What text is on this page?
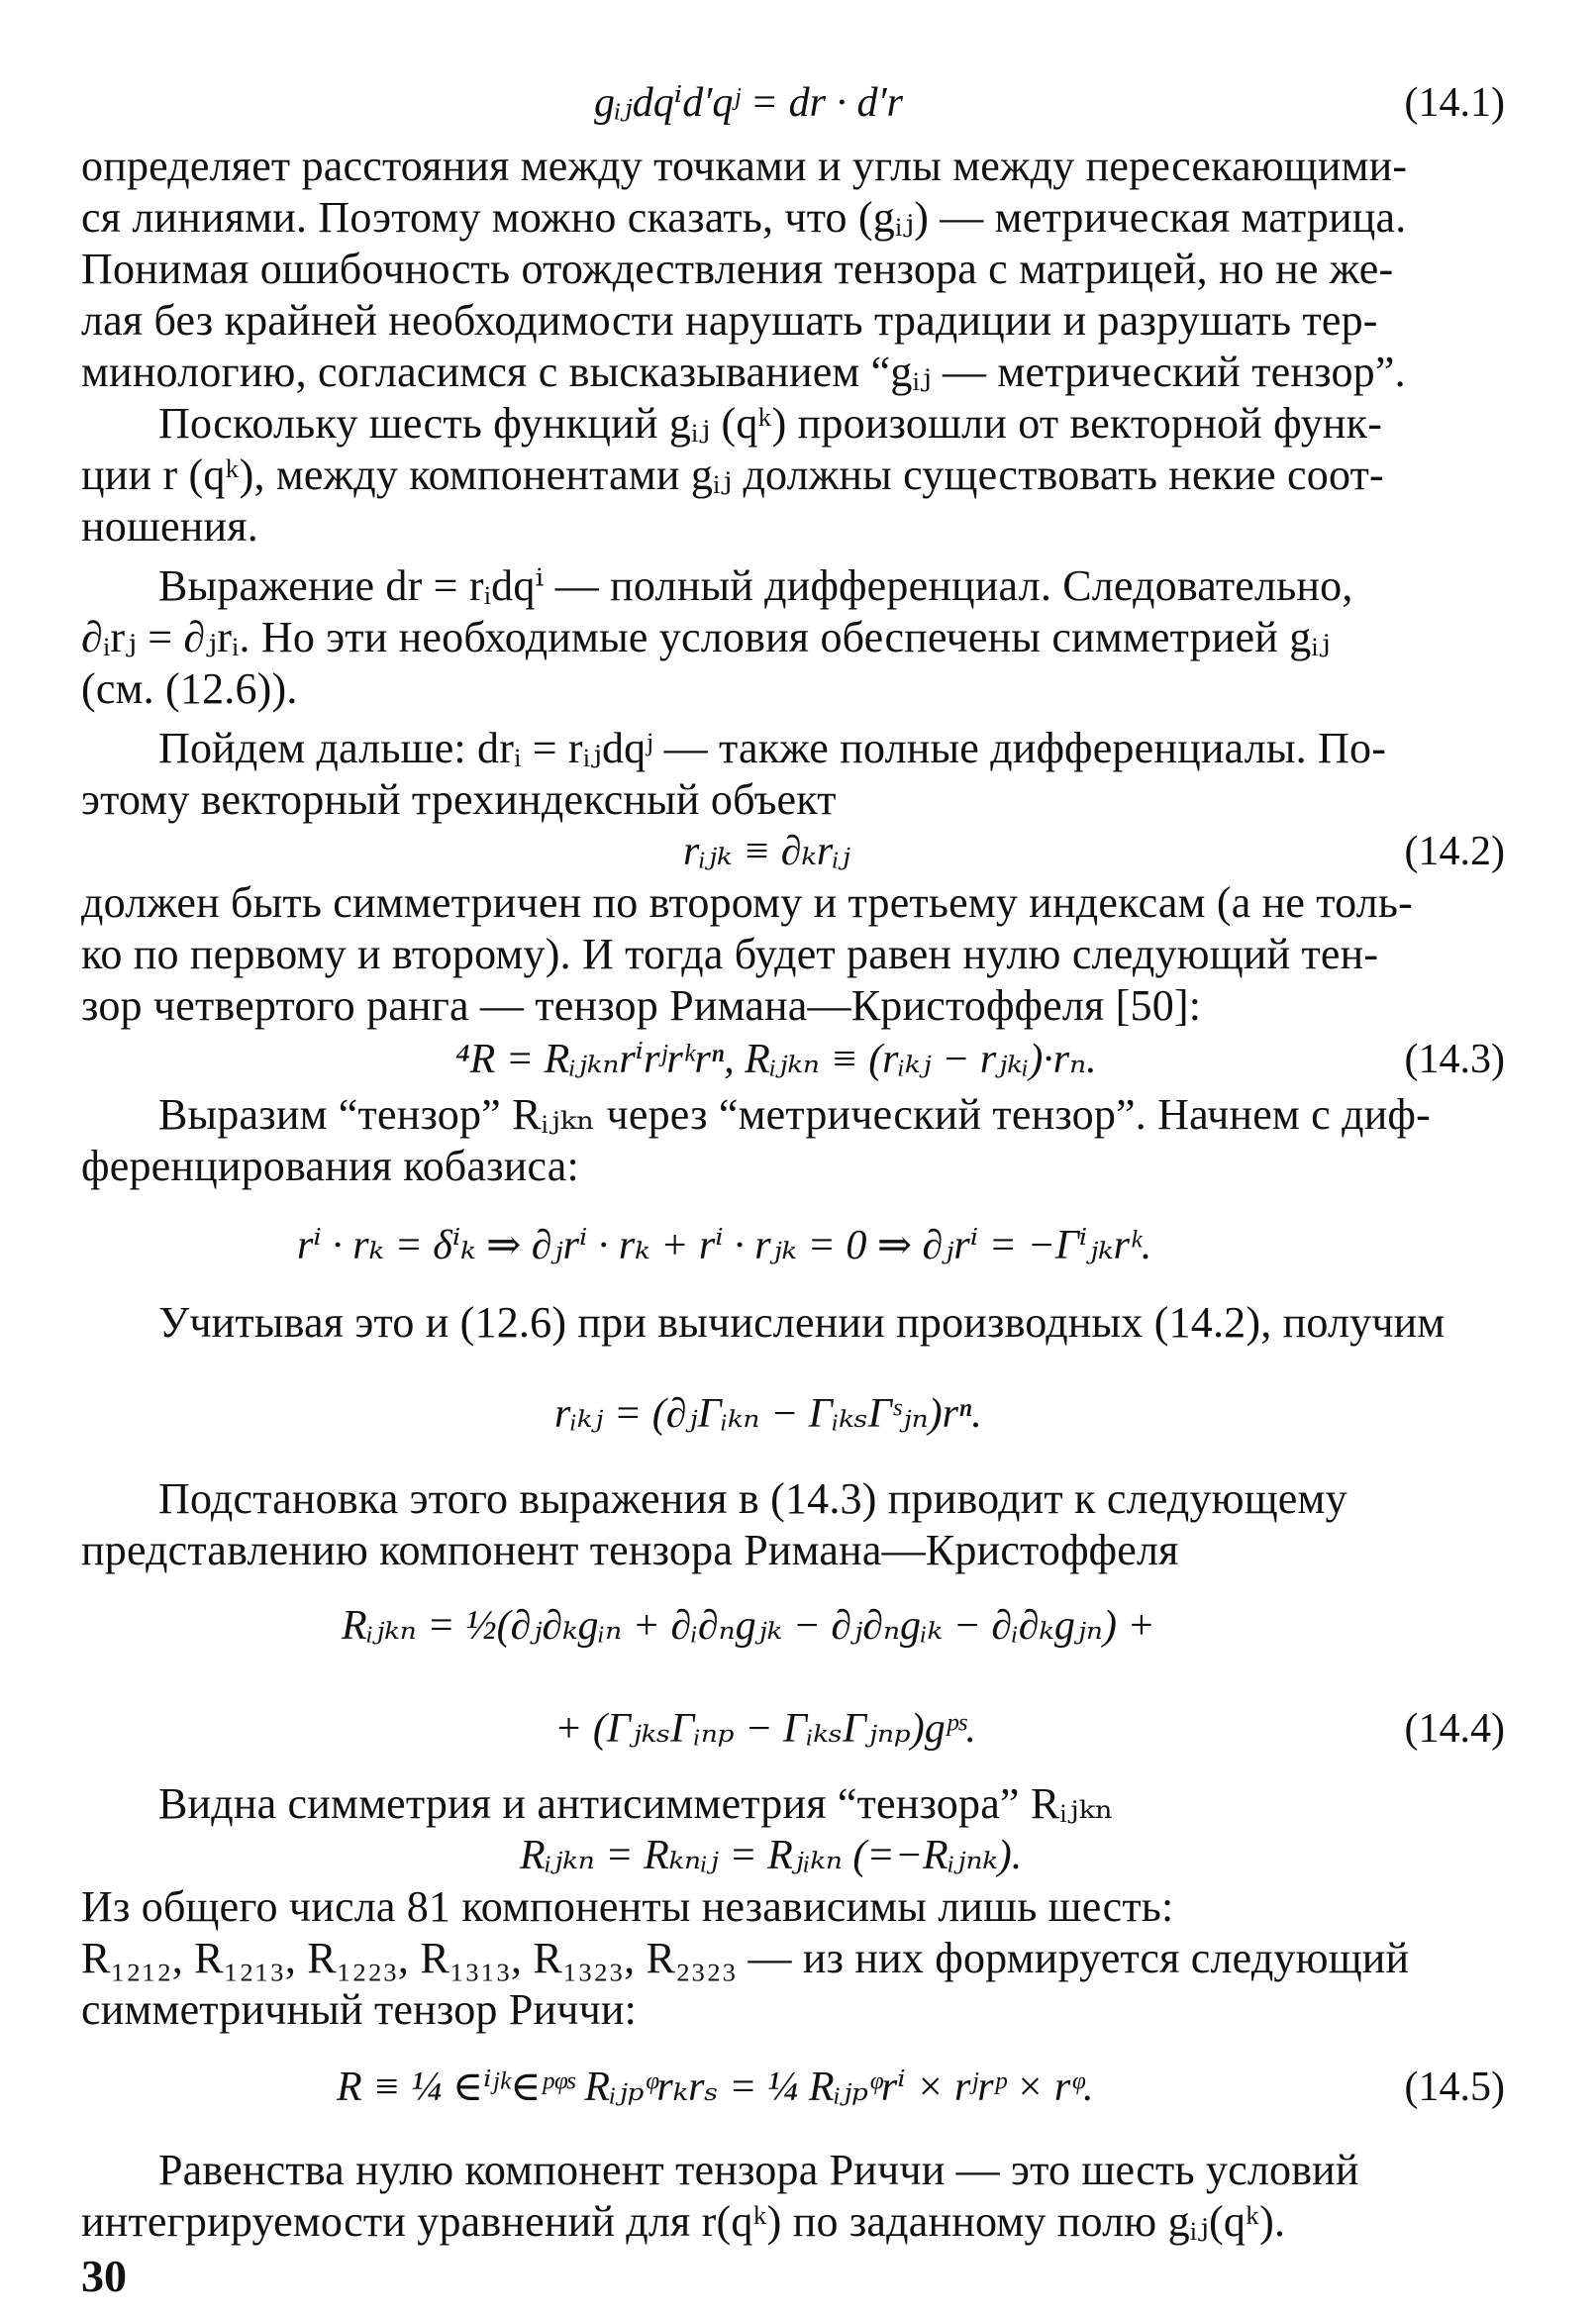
gᵢⱼdqⁱd′qʲ = dr · d′r	(14.1)
определяет расстояния между точками и углы между пересекающими-
ся линиями. Поэтому можно сказать, что (gᵢⱼ) — метрическая матрица.
Понимая ошибочность отождествления тензора с матрицей, но не же-
лая без крайней необходимости нарушать традиции и разрушать тер-
минологию, согласимся с высказыванием “gᵢⱼ — метрический тензор”.
Поскольку шесть функций gᵢⱼ (qᵏ) произошли от векторной функ-
ции r (qᵏ), между компонентами gᵢⱼ должны существовать некие соот-
ношения.
Выражение dr = rᵢdqⁱ — полный дифференциал. Следовательно,
∂ᵢrⱼ = ∂ⱼrᵢ. Но эти необходимые условия обеспечены симметрией gᵢⱼ
(см. (12.6)).
Пойдем дальше: drᵢ = rᵢⱼdqʲ — также полные дифференциалы. По-
этому векторный трехиндексный объект
rᵢⱼₖ ≡ ∂ₖrᵢⱼ	(14.2)
должен быть симметричен по второму и третьему индексам (а не толь-
ко по первому и второму). И тогда будет равен нулю следующий тен-
зор четвертого ранга — тензор Римана—Кристоффеля [50]:
⁴R = Rᵢⱼₖₙrⁱrʲrᵏrⁿ, Rᵢⱼₖₙ ≡ (rᵢₖⱼ − rⱼₖᵢ)·rₙ.	(14.3)
Выразим “тензор” Rᵢⱼₖₙ через “метрический тензор”. Начнем с диф-
ференцирования кобазиса:
rⁱ · rₖ = δⁱₖ ⇒ ∂ⱼrⁱ · rₖ + rⁱ · rⱼₖ = 0 ⇒ ∂ⱼrⁱ = −Γⁱⱼₖrᵏ.
Учитывая это и (12.6) при вычислении производных (14.2), получим
rᵢₖⱼ = (∂ⱼΓᵢₖₙ − ΓᵢₖₛΓˢⱼₙ)rⁿ.
Подстановка этого выражения в (14.3) приводит к следующему
представлению компонент тензора Римана—Кристоффеля
Rᵢⱼₖₙ = ½(∂ⱼ∂ₖgᵢₙ + ∂ᵢ∂ₙgⱼₖ − ∂ⱼ∂ₙgᵢₖ − ∂ᵢ∂ₖgⱼₙ) +
+ (ΓⱼₖₛΓᵢₙₚ − ΓᵢₖₛΓⱼₙₚ)gᵖˢ.	(14.4)
Видна симметрия и антисимметрия “тензора” Rᵢⱼₖₙ
Rᵢⱼₖₙ = Rₖₙᵢⱼ = Rⱼᵢₖₙ (=−Rᵢⱼₙₖ).
Из общего числа 81 компоненты независимы лишь шесть:
R₁₂₁₂, R₁₂₁₃, R₁₂₂₃, R₁₃₁₃, R₁₃₂₃, R₂₃₂₃ — из них формируется следующий
симметричный тензор Риччи:
R ≡ ¼ ∈ⁱʲᵏ∈ᵖᵠˢ Rᵢⱼₚᵠrₖrₛ = ¼ Rᵢⱼₚᵠrⁱ × rʲrᵖ × rᵠ.	(14.5)
Равенства нулю компонент тензора Риччи — это шесть условий
интегрируемости уравнений для r(qᵏ) по заданному полю gᵢⱼ(qᵏ).
30
